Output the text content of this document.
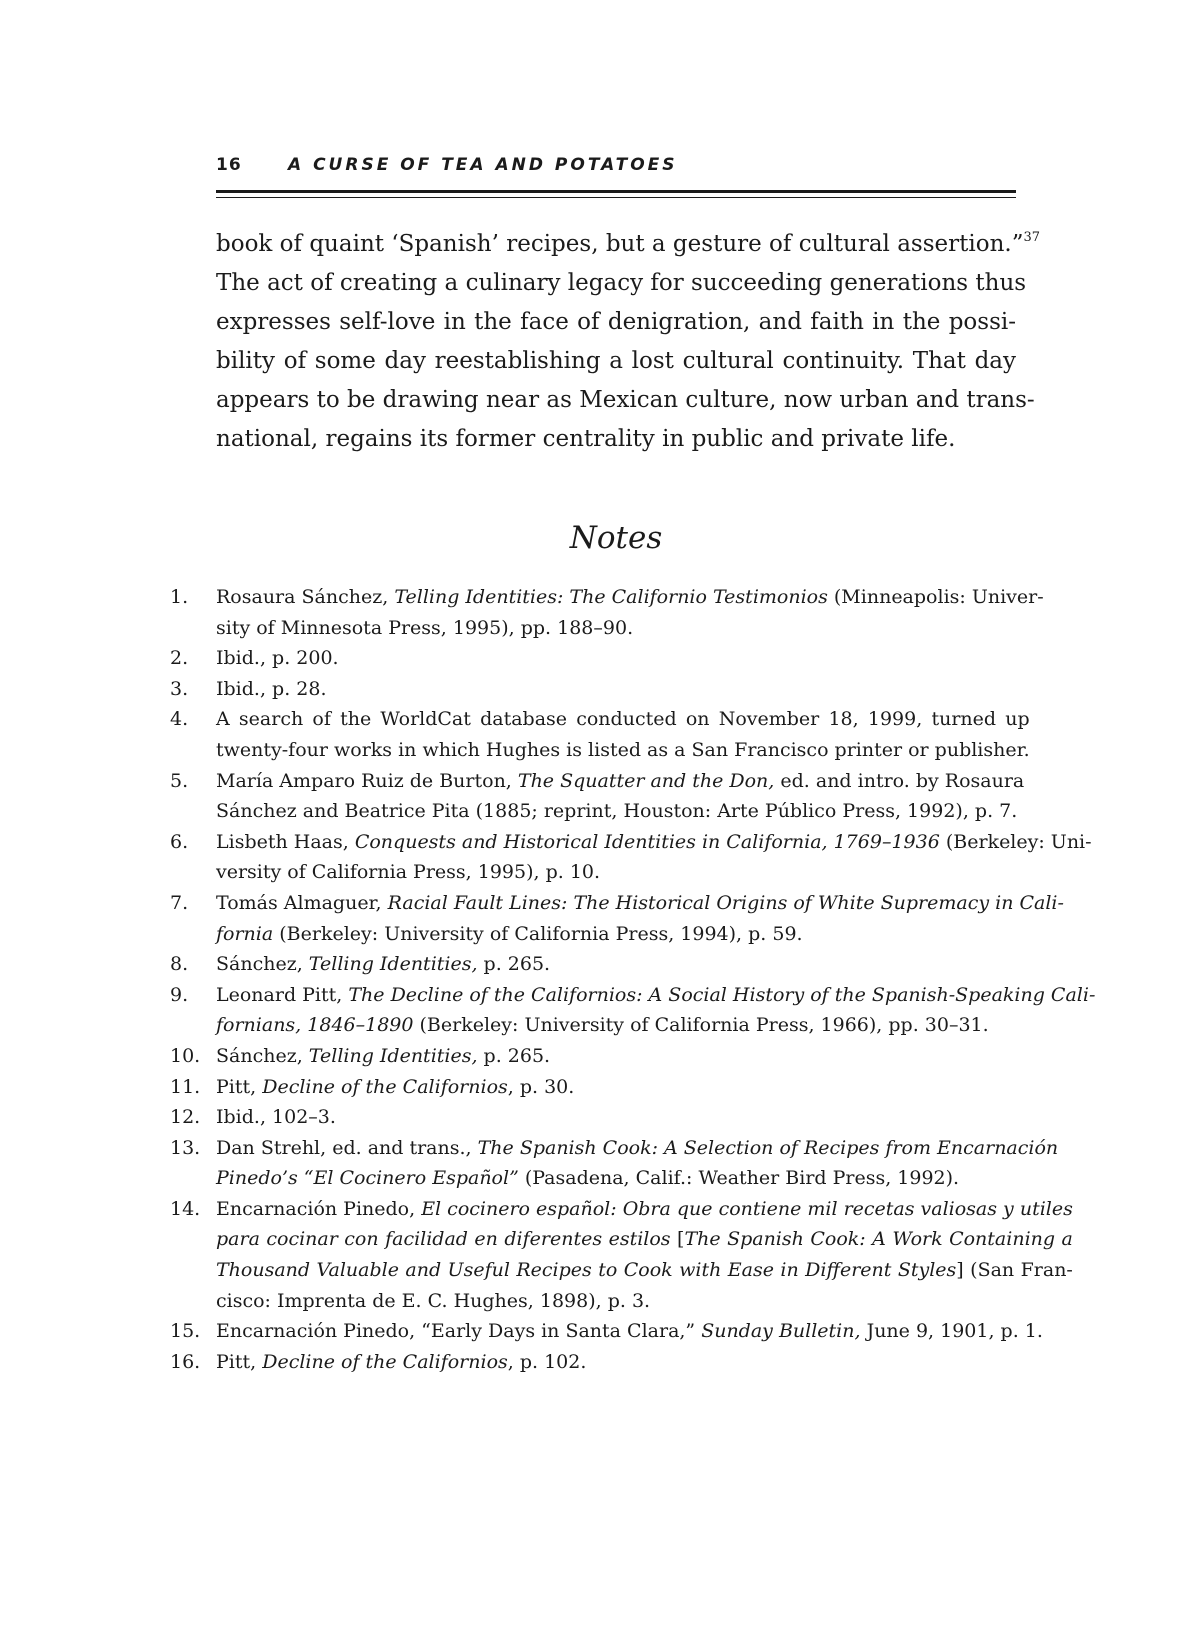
16	A CURSE OF TEA AND POTATOES
book of quaint ‘Spanish’ recipes, but a gesture of cultural assertion.”$^{37}$
The act of creating a culinary legacy for succeeding generations thus
expresses self-love in the face of denigration, and faith in the possi-
bility of some day reestablishing a lost cultural continuity. That day
appears to be drawing near as Mexican culture, now urban and trans-
national, regains its former centrality in public and private life.
Notes
1.	Rosaura Sánchez, Telling Identities: The Californio Testimonios (Minneapolis: Univer-
sity of Minnesota Press, 1995), pp. 188–90.
2.	Ibid., p. 200.
3.	Ibid., p. 28.
4.	A search of the WorldCat database conducted on November 18, 1999, turned up
twenty-four works in which Hughes is listed as a San Francisco printer or publisher.
5.	María Amparo Ruiz de Burton, The Squatter and the Don, ed. and intro. by Rosaura
Sánchez and Beatrice Pita (1885; reprint, Houston: Arte Público Press, 1992), p. 7.
6.	Lisbeth Haas, Conquests and Historical Identities in California, 1769–1936 (Berkeley: Uni-
versity of California Press, 1995), p. 10.
7.	Tomás Almaguer, Racial Fault Lines: The Historical Origins of White Supremacy in Cali-
fornia (Berkeley: University of California Press, 1994), p. 59.
8.	Sánchez, Telling Identities, p. 265.
9.	Leonard Pitt, The Decline of the Californios: A Social History of the Spanish-Speaking Cali-
fornians, 1846–1890 (Berkeley: University of California Press, 1966), pp. 30–31.
10. Sánchez, Telling Identities, p. 265.
11. Pitt, Decline of the Californios, p. 30.
12. Ibid., 102–3.
13. Dan Strehl, ed. and trans., The Spanish Cook: A Selection of Recipes from Encarnación
Pinedo’s “El Cocinero Español” (Pasadena, Calif.: Weather Bird Press, 1992).
14. Encarnación Pinedo, El cocinero español: Obra que contiene mil recetas valiosas y utiles
para cocinar con facilidad en diferentes estilos [The Spanish Cook: A Work Containing a
Thousand Valuable and Useful Recipes to Cook with Ease in Different Styles] (San Fran-
cisco: Imprenta de E. C. Hughes, 1898), p. 3.
15. Encarnación Pinedo, “Early Days in Santa Clara,” Sunday Bulletin, June 9, 1901, p. 1.
16. Pitt, Decline of the Californios, p. 102.
